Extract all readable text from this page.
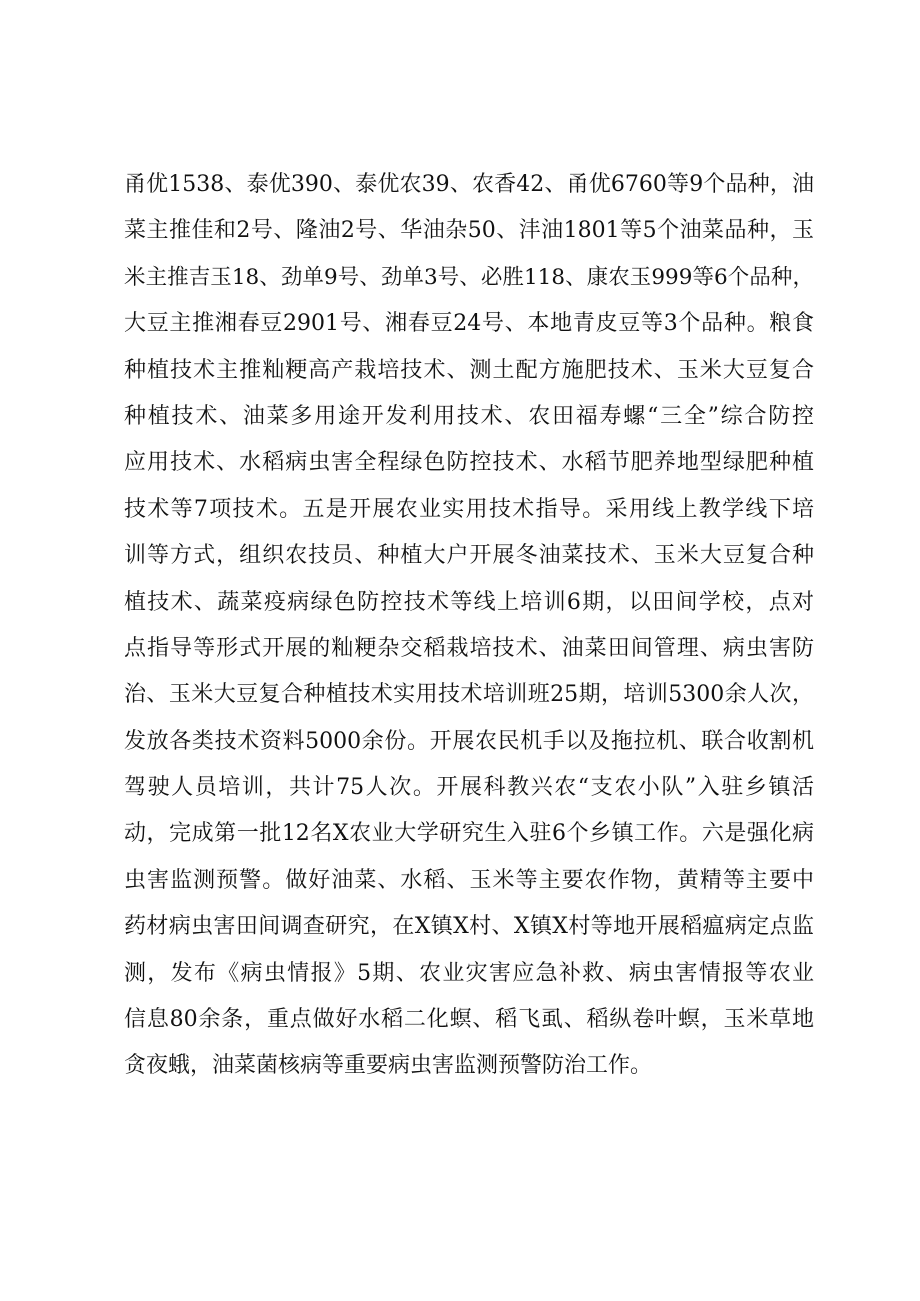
甬优1538、泰优390、泰优农39、农香42、甬优6760等9个品种，油
菜主推佳和2号、隆油2号、华油杂50、沣油1801等5个油菜品种，玉
米主推吉玉18、劲单9号、劲单3号、必胜118、康农玉999等6个品种，
大豆主推湘春豆2901号、湘春豆24号、本地青皮豆等3个品种。粮食
种植技术主推籼粳高产栽培技术、测土配方施肥技术、玉米大豆复合
种植技术、油菜多用途开发利用技术、农田福寿螺“三全”综合防控
应用技术、水稻病虫害全程绿色防控技术、水稻节肥养地型绿肥种植
技术等7项技术。五是开展农业实用技术指导。采用线上教学线下培
训等方式，组织农技员、种植大户开展冬油菜技术、玉米大豆复合种
植技术、蔬菜疫病绿色防控技术等线上培训6期，以田间学校，点对
点指导等形式开展的籼粳杂交稻栽培技术、油菜田间管理、病虫害防
治、玉米大豆复合种植技术实用技术培训班25期，培训5300余人次，
发放各类技术资料5000余份。开展农民机手以及拖拉机、联合收割机
驾驶人员培训，共计75人次。开展科教兴农“支农小队”入驻乡镇活
动，完成第一批12名X农业大学研究生入驻6个乡镇工作。六是强化病
虫害监测预警。做好油菜、水稻、玉米等主要农作物，黄精等主要中
药材病虫害田间调查研究，在X镇X村、X镇X村等地开展稻瘟病定点监
测，发布《病虫情报》5期、农业灾害应急补救、病虫害情报等农业
信息80余条，重点做好水稻二化螟、稻飞虱、稻纵卷叶螟，玉米草地
贪夜蛾，油菜菌核病等重要病虫害监测预警防治工作。
